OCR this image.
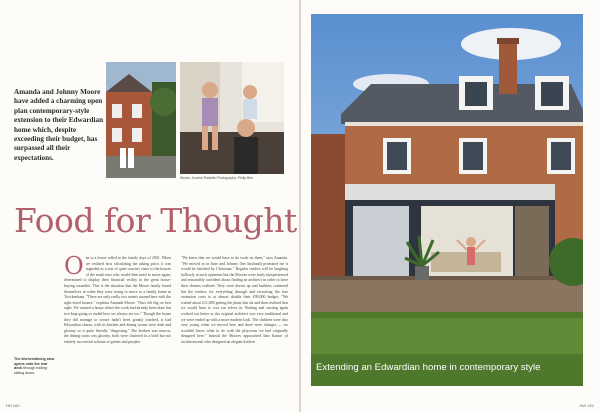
Amanda and Johnny Moore have added a charming open plan contemporary-style extension to their Edwardian home which, despite exceeding their budget, has surpassed all their expectations.
Words: Juraine Ricketts Photography: Philip Bier
Food for Thought
The kitchen/dining area opens onto the rear deck through folding sliding doors.
O ne to a house rolled to the family days of 2001. When we realised how calculating the asking price, it was regarded as a sort of quiet cousin's sister to the houses of the south-east who would then need to move again, determined to display their financial virility in the great house-buying scramble. This is the situation that the Moore family found themselves in when they were trying to move to a family home in Twickenham. "There are only really two streets around here with the right-sized houses," explains Amanda Moore. "Ours felt big on first sight. We wanted a house where the work had already been done but two kept going so ended how we always are too." Though the house they did manage to secure hadn't been greatly touched, it had Edwardian charm, with its kitchen and dining rooms were dark and gloomy so it quite literally "disgusting." The kitchen was narrow, the dining room was gloomy, both were cluttered in a bold but not entirely successful scheme of greens and purples.
"We knew that we would have to do work on them," says Amanda. "We moved in in June and Johnny (her husband) promised me it would be finished by Christmas." Regular readers will be laughing hollowly at such optimism but the Moores were fairly inexperienced and reasonably confident about finding an architect in order to have their dreams realised. They were drawn up and builders contacted but the tenders for everything through and recruiting the true extension costs to at almost double their £90,000 budget. "We waited about £11,000 getting the plans that far and then realised that we would have to cost our selves in. Waiting and starting again worked out better as the original architect was very traditional and we were ended up with a more modern look. The children were also very young when we moved here and there were changes — we wouldn't know what to do with the playroom we had originally designed here." Instead the Moores approached Iain Kantor of architectureuk who designed an elegant kitchen
HH 160
Extending an Edwardian home in contemporary style
HW 161
